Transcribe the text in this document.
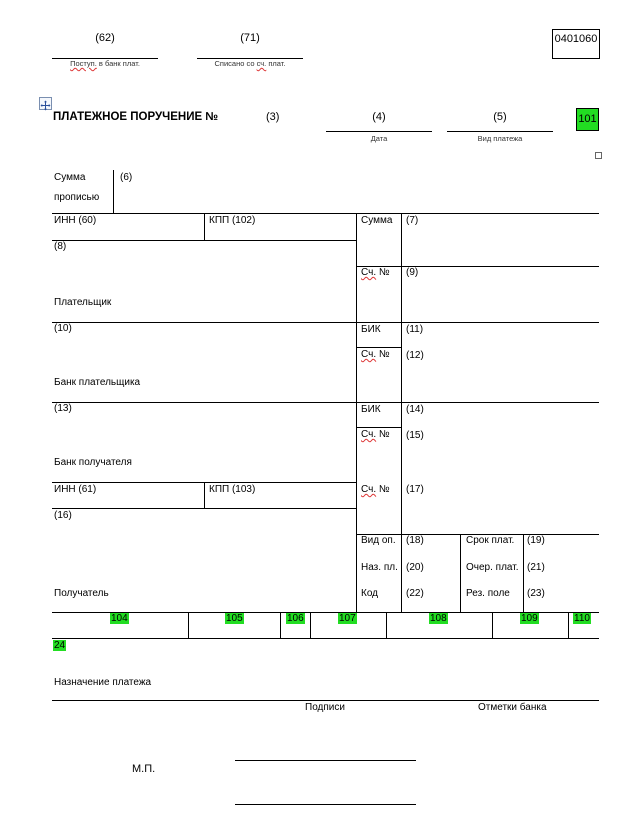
(62)
Поступ. в банк плат.
(71)
Списано со сч. плат.
0401060
ПЛАТЕЖНОЕ ПОРУЧЕНИЕ №	(3)	(4)
Дата
(5)
Вид платежа
101
Сумма
прописью
(6)
ИНН (60)	КПП (102)	Сумма (7)
(8)
Сч. № (9)
Плательщик
(10)	БИК	(11)
Сч. № (12)
Банк плательщика
(13)	БИК	(14)
Сч. № (15)
Банк получателя
ИНН (61)	КПП (103)	Сч. № (17)
(16)
Вид оп. (18)	Срок плат. (19)
Наз. пл. (20)	Очер. плат. (21)
Код	(22)	Рез. поле (23)
Получатель
104	105	106	107	108	109	110
24
Назначение платежа
Подписи	Отметки банка
М.П.
